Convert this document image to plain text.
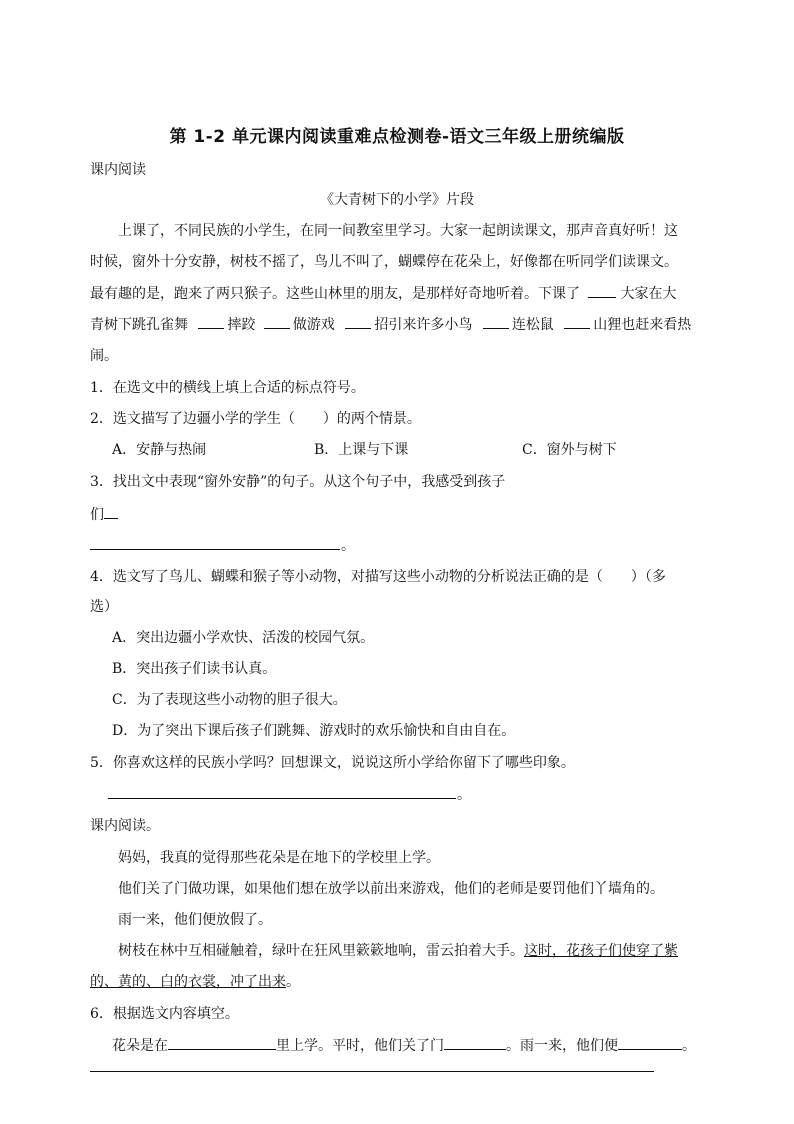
第 1-2 单元课内阅读重难点检测卷-语文三年级上册统编版
课内阅读
《大青树下的小学》片段
上课了，不同民族的小学生，在同一间教室里学习。大家一起朗读课文，那声音真好听！这
时候，窗外十分安静，树枝不摇了，鸟儿不叫了，蝴蝶停在花朵上，好像都在听同学们读课文。
最有趣的是，跑来了两只猴子。这些山林里的朋友，是那样好奇地听着。下课了	大家在大
青树下跳孔雀舞	摔跤	做游戏	招引来许多小鸟	连松鼠	山狸也赶来看热
闹。
1．在选文中的横线上填上合适的标点符号。
2．选文描写了边疆小学的学生（　　）的两个情景。
A．安静与热闹	B．上课与下课	C．窗外与树下
3．找出文中表现“窗外安静”的句子。从这个句子中，我感受到孩子
们
。
4．选文写了鸟儿、蝴蝶和猴子等小动物，对描写这些小动物的分析说法正确的是（　　）（多
选）
A．突出边疆小学欢快、活泼的校园气氛。
B．突出孩子们读书认真。
C．为了表现这些小动物的胆子很大。
D．为了突出下课后孩子们跳舞、游戏时的欢乐愉快和自由自在。
5．你喜欢这样的民族小学吗？回想课文，说说这所小学给你留下了哪些印象。
。
课内阅读。
妈妈，我真的觉得那些花朵是在地下的学校里上学。
他们关了门做功课，如果他们想在放学以前出来游戏，他们的老师是要罚他们丫墙角的。
雨一来，他们便放假了。
树枝在林中互相碰触着，绿叶在狂风里簌簌地响，雷云拍着大手。这时，花孩子们使穿了紫
的、黄的、白的衣裳，冲了出来。
6．根据选文内容填空。
花朵是在	里上学。平时，他们关了门	。雨一来，他们便	。
